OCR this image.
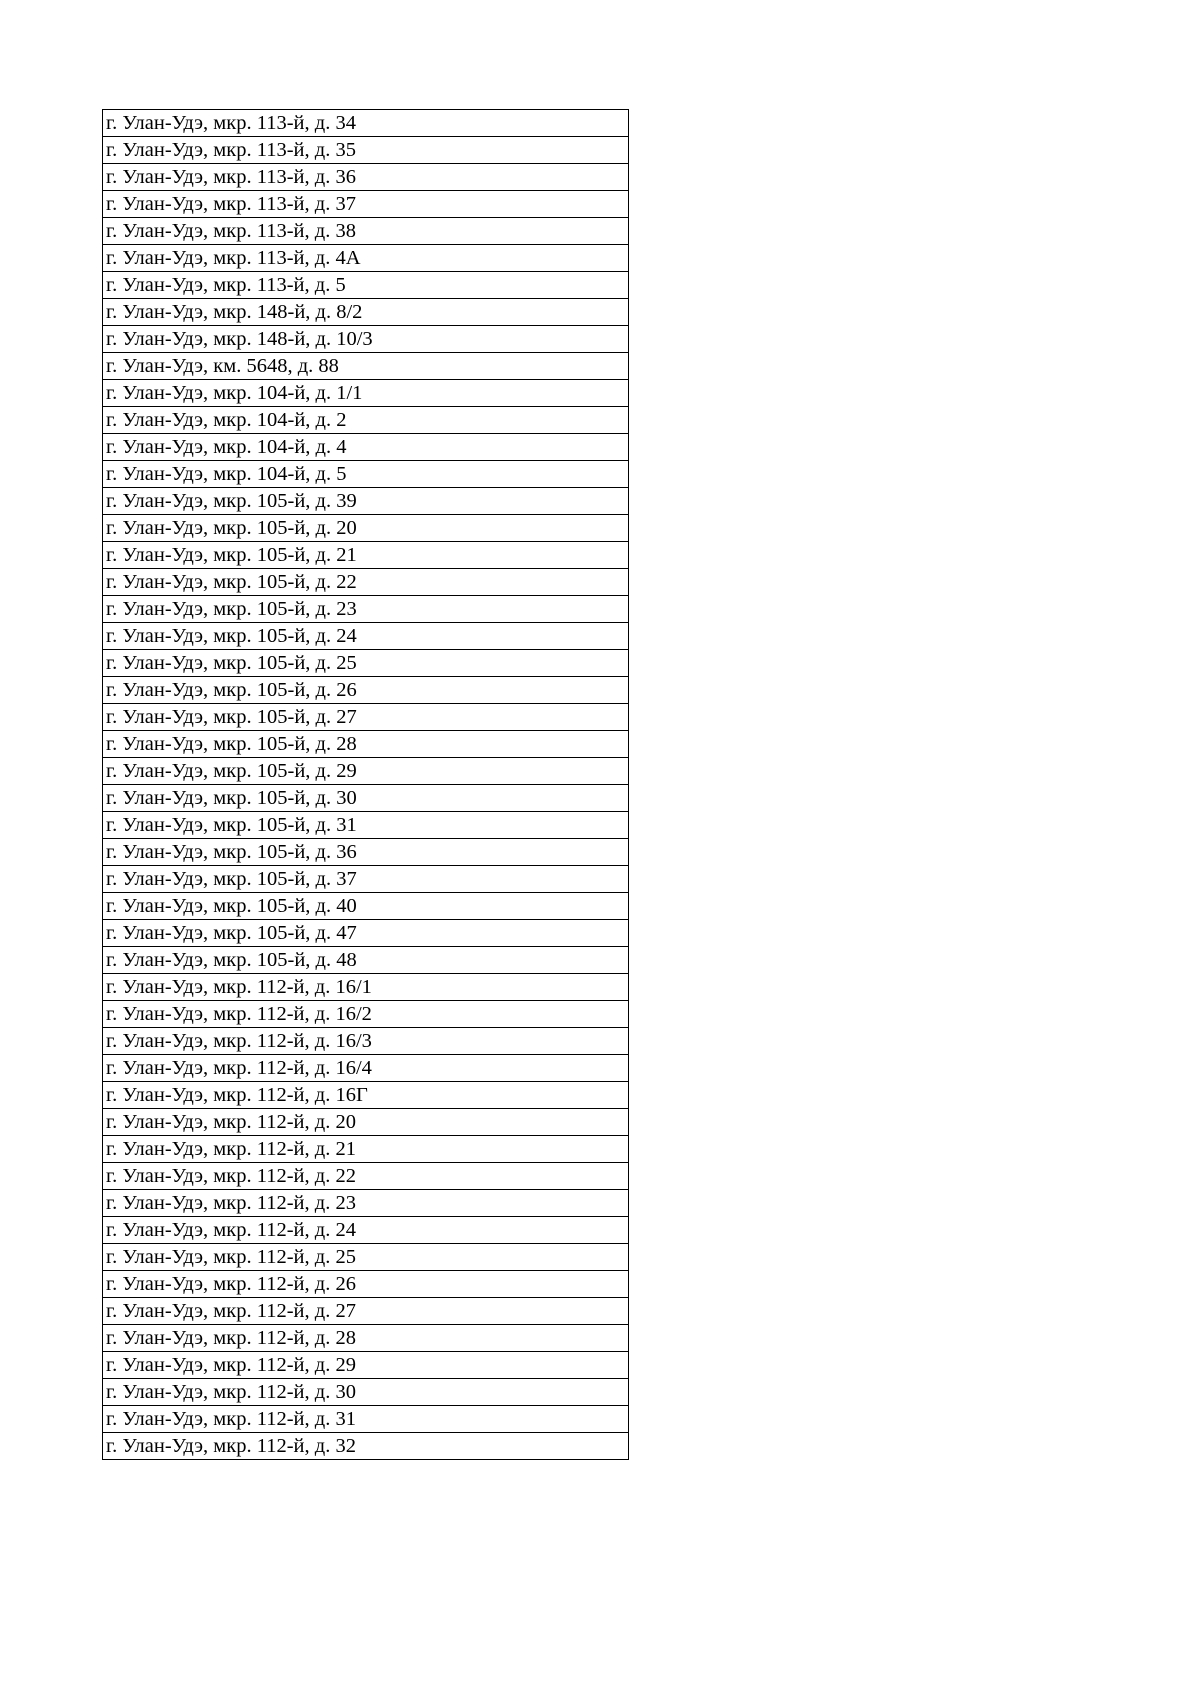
г. Улан-Удэ, мкр. 113-й, д. 34
г. Улан-Удэ, мкр. 113-й, д. 35
г. Улан-Удэ, мкр. 113-й, д. 36
г. Улан-Удэ, мкр. 113-й, д. 37
г. Улан-Удэ, мкр. 113-й, д. 38
г. Улан-Удэ, мкр. 113-й, д. 4А
г. Улан-Удэ, мкр. 113-й, д. 5
г. Улан-Удэ, мкр. 148-й, д. 8/2
г. Улан-Удэ, мкр. 148-й, д. 10/3
г. Улан-Удэ, км. 5648, д. 88
г. Улан-Удэ, мкр. 104-й, д. 1/1
г. Улан-Удэ, мкр. 104-й, д. 2
г. Улан-Удэ, мкр. 104-й, д. 4
г. Улан-Удэ, мкр. 104-й, д. 5
г. Улан-Удэ, мкр. 105-й, д. 39
г. Улан-Удэ, мкр. 105-й, д. 20
г. Улан-Удэ, мкр. 105-й, д. 21
г. Улан-Удэ, мкр. 105-й, д. 22
г. Улан-Удэ, мкр. 105-й, д. 23
г. Улан-Удэ, мкр. 105-й, д. 24
г. Улан-Удэ, мкр. 105-й, д. 25
г. Улан-Удэ, мкр. 105-й, д. 26
г. Улан-Удэ, мкр. 105-й, д. 27
г. Улан-Удэ, мкр. 105-й, д. 28
г. Улан-Удэ, мкр. 105-й, д. 29
г. Улан-Удэ, мкр. 105-й, д. 30
г. Улан-Удэ, мкр. 105-й, д. 31
г. Улан-Удэ, мкр. 105-й, д. 36
г. Улан-Удэ, мкр. 105-й, д. 37
г. Улан-Удэ, мкр. 105-й, д. 40
г. Улан-Удэ, мкр. 105-й, д. 47
г. Улан-Удэ, мкр. 105-й, д. 48
г. Улан-Удэ, мкр. 112-й, д. 16/1
г. Улан-Удэ, мкр. 112-й, д. 16/2
г. Улан-Удэ, мкр. 112-й, д. 16/3
г. Улан-Удэ, мкр. 112-й, д. 16/4
г. Улан-Удэ, мкр. 112-й, д. 16Г
г. Улан-Удэ, мкр. 112-й, д. 20
г. Улан-Удэ, мкр. 112-й, д. 21
г. Улан-Удэ, мкр. 112-й, д. 22
г. Улан-Удэ, мкр. 112-й, д. 23
г. Улан-Удэ, мкр. 112-й, д. 24
г. Улан-Удэ, мкр. 112-й, д. 25
г. Улан-Удэ, мкр. 112-й, д. 26
г. Улан-Удэ, мкр. 112-й, д. 27
г. Улан-Удэ, мкр. 112-й, д. 28
г. Улан-Удэ, мкр. 112-й, д. 29
г. Улан-Удэ, мкр. 112-й, д. 30
г. Улан-Удэ, мкр. 112-й, д. 31
г. Улан-Удэ, мкр. 112-й, д. 32
